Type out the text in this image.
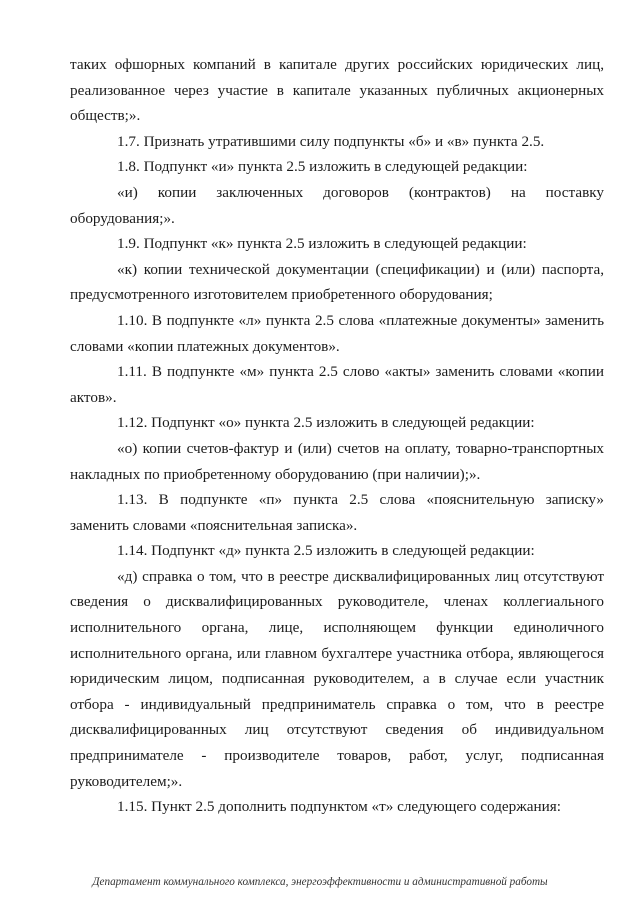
таких офшорных компаний в капитале других российских юридических лиц, реализованное через участие в капитале указанных публичных акционерных обществ;».

1.7. Признать утратившими силу подпункты «б» и «в» пункта 2.5.

1.8. Подпункт «и» пункта 2.5 изложить в следующей редакции:

«и) копии заключенных договоров (контрактов) на поставку оборудования;».

1.9. Подпункт «к» пункта 2.5 изложить в следующей редакции:

«к) копии технической документации (спецификации) и (или) паспорта, предусмотренного изготовителем приобретенного оборудования;

1.10. В подпункте «л» пункта 2.5 слова «платежные документы» заменить словами «копии платежных документов».

1.11. В подпункте «м» пункта 2.5 слово «акты» заменить словами «копии актов».

1.12. Подпункт «о» пункта 2.5 изложить в следующей редакции:

«о) копии счетов-фактур и (или) счетов на оплату, товарно-транспортных накладных по приобретенному оборудованию (при наличии);».

1.13. В подпункте «п» пункта 2.5 слова «пояснительную записку» заменить словами «пояснительная записка».

1.14. Подпункт «д» пункта 2.5 изложить в следующей редакции:

«д) справка о том, что в реестре дисквалифицированных лиц отсутствуют сведения о дисквалифицированных руководителе, членах коллегиального исполнительного органа, лице, исполняющем функции единоличного исполнительного органа, или главном бухгалтере участника отбора, являющегося юридическим лицом, подписанная руководителем, а в случае если участник отбора - индивидуальный предприниматель справка о том, что в реестре дисквалифицированных лиц отсутствуют сведения об индивидуальном предпринимателе - производителе товаров, работ, услуг, подписанная руководителем;».

1.15. Пункт 2.5 дополнить подпунктом «т» следующего содержания:

Департамент коммунального комплекса, энергоэффективности и административной работы
